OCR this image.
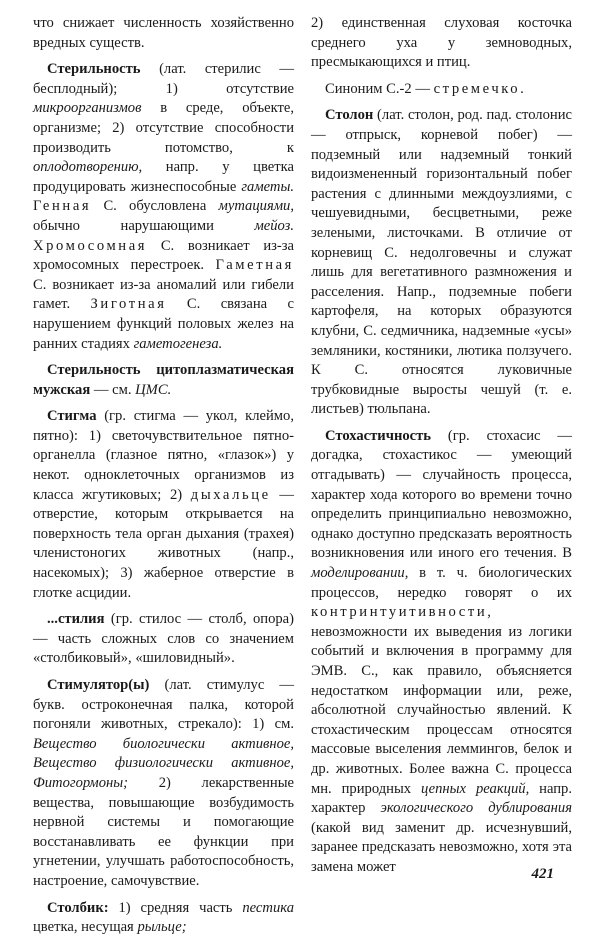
что снижает численность хозяйственно вредных существ.

Стерильность (лат. стерилис — бесплодный); 1) отсутствие микроорганизмов в среде, объекте, организме; 2) отсутствие способности производить потомство, к оплодотворению, напр. у цветка продуцировать жизнеспособные гаметы. Генная С. обусловлена мутациями, обычно нарушающими мейоз. Хромосомная С. возникает из-за хромосомных перестроек. Гаметная С. возникает из-за аномалий или гибели гамет. Зиготная С. связана с нарушением функций половых желез на ранних стадиях гаметогенеза.

Стерильность цитоплазматическая мужская — см. ЦМС.

Стигма (гр. стигма — укол, клеймо, пятно): 1) светочувствительное пятно-органелла (глазное пятно, «глазок») у некот. одноклеточных организмов из класса жгутиковых; 2) дыхальце — отверстие, которым открывается на поверхность тела орган дыхания (трахея) членистоногих животных (напр., насекомых); 3) жаберное отверстие в глотке асцидии.

...стилия (гр. стилос — столб, опора) — часть сложных слов со значением «столбиковый», «шиловидный».

Стимулятор(ы) (лат. стимулус — букв. остроконечная палка, которой погоняли животных, стрекало): 1) см. Вещество биологически активное, Вещество физиологически активное, Фитогормоны; 2) лекарственные вещества, повышающие возбудимость нервной системы и помогающие восстанавливать ее функции при угнетении, улучшать работоспособность, настроение, самочувствие.

Столбик: 1) средняя часть пестика цветка, несущая рыльце;

2) единственная слуховая косточка среднего уха у земноводных, пресмыкающихся и птиц.

Синоним С.-2 — стремечко.

Столон (лат. столон, род. пад. столонис — отпрыск, корневой побег) — подземный или надземный тонкий видоизмененный горизонтальный побег растения с длинными междоузлиями, с чешуевидными, бесцветными, реже зелеными, листочками. В отличие от корневищ С. недолговечны и служат лишь для вегетативного размножения и расселения. Напр., подземные побеги картофеля, на которых образуются клубни, С. седмичника, надземные «усы» земляники, костяники, лютика ползучего. К С. относятся луковичные трубковидные выросты чешуй (т. е. листьев) тюльпана.

Стохастичность (гр. стохасис — догадка, стохастикос — умеющий отгадывать) — случайность процесса, характер хода которого во времени точно определить принципиально невозможно, однако доступно предсказать вероятность возникновения или иного его течения. В моделировании, в т. ч. биологических процессов, нередко говорят о их контринтуитивности, невозможности их выведения из логики событий и включения в программу для ЭМВ. С., как правило, объясняется недостатком информации или, реже, абсолютной случайностью явлений. К стохастическим процессам относятся массовые выселения леммингов, белок и др. животных. Более важна С. процесса мн. природных цепных реакций, напр. характер экологического дублирования (какой вид заменит др. исчезнувший, заранее предсказать невозможно, хотя эта замена может	421
